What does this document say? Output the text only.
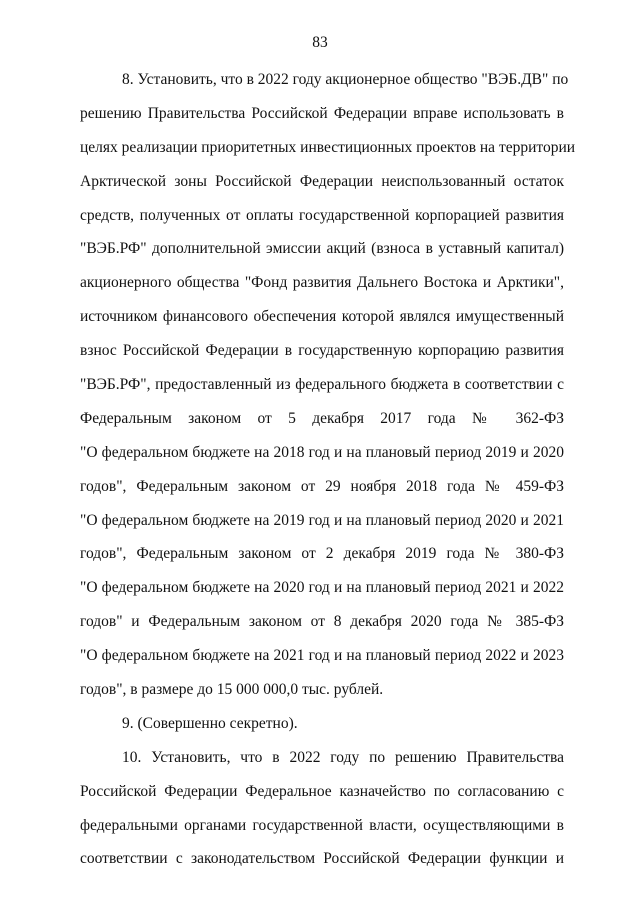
83
8. Установить, что в 2022 году акционерное общество "ВЭБ.ДВ" по
решению Правительства Российской Федерации вправе использовать в
целях реализации приоритетных инвестиционных проектов на территории
Арктической зоны Российской Федерации неиспользованный остаток
средств, полученных от оплаты государственной корпорацией развития
"ВЭБ.РФ" дополнительной эмиссии акций (взноса в уставный капитал)
акционерного общества "Фонд развития Дальнего Востока и Арктики",
источником финансового обеспечения которой являлся имущественный
взнос Российской Федерации в государственную корпорацию развития
"ВЭБ.РФ", предоставленный из федерального бюджета в соответствии с
Федеральным законом от 5 декабря 2017 года № 362-ФЗ
"О федеральном бюджете на 2018 год и на плановый период 2019 и 2020
годов", Федеральным законом от 29 ноября 2018 года № 459-ФЗ
"О федеральном бюджете на 2019 год и на плановый период 2020 и 2021
годов", Федеральным законом от 2 декабря 2019 года № 380-ФЗ
"О федеральном бюджете на 2020 год и на плановый период 2021 и 2022
годов" и Федеральным законом от 8 декабря 2020 года № 385-ФЗ
"О федеральном бюджете на 2021 год и на плановый период 2022 и 2023
годов", в размере до 15 000 000,0 тыс. рублей.
9. (Совершенно секретно).
10. Установить, что в 2022 году по решению Правительства
Российской Федерации Федеральное казначейство по согласованию с
федеральными органами государственной власти, осуществляющими в
соответствии с законодательством Российской Федерации функции и
